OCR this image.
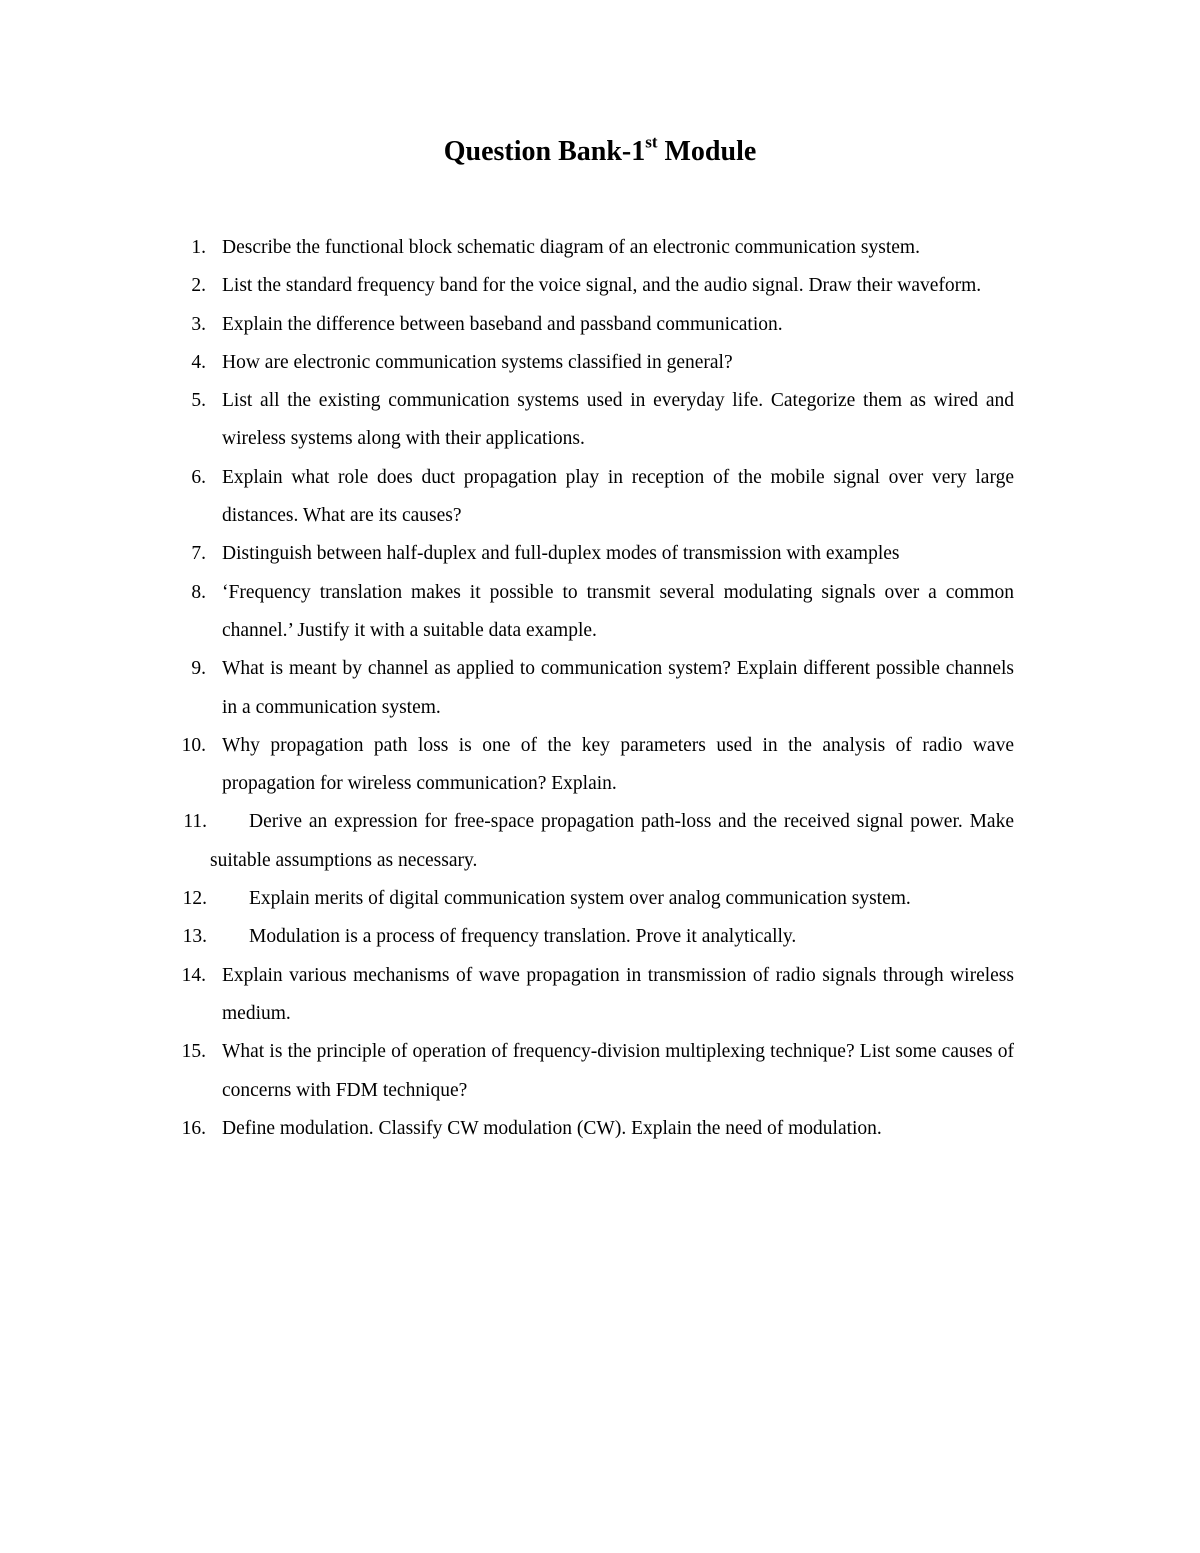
Question Bank-1st Module
1. Describe the functional block schematic diagram of an electronic communication system.
2. List the standard frequency band for the voice signal, and the audio signal. Draw their waveform.
3. Explain the difference between baseband and passband communication.
4. How are electronic communication systems classified in general?
5. List all the existing communication systems used in everyday life. Categorize them as wired and wireless systems along with their applications.
6. Explain what role does duct propagation play in reception of the mobile signal over very large distances. What are its causes?
7. Distinguish between half-duplex and full-duplex modes of transmission with examples
8. ‘Frequency translation makes it possible to transmit several modulating signals over a common channel.’ Justify it with a suitable data example.
9. What is meant by channel as applied to communication system? Explain different possible channels in a communication system.
10. Why propagation path loss is one of the key parameters used in the analysis of radio wave propagation for wireless communication? Explain.
11.	Derive an expression for free-space propagation path-loss and the received signal power. Make suitable assumptions as necessary.
12.	Explain merits of digital communication system over analog communication system.
13.	Modulation is a process of frequency translation. Prove it analytically.
14. Explain various mechanisms of wave propagation in transmission of radio signals through wireless medium.
15. What is the principle of operation of frequency-division multiplexing technique? List some causes of concerns with FDM technique?
16. Define modulation. Classify CW modulation (CW). Explain the need of modulation.
